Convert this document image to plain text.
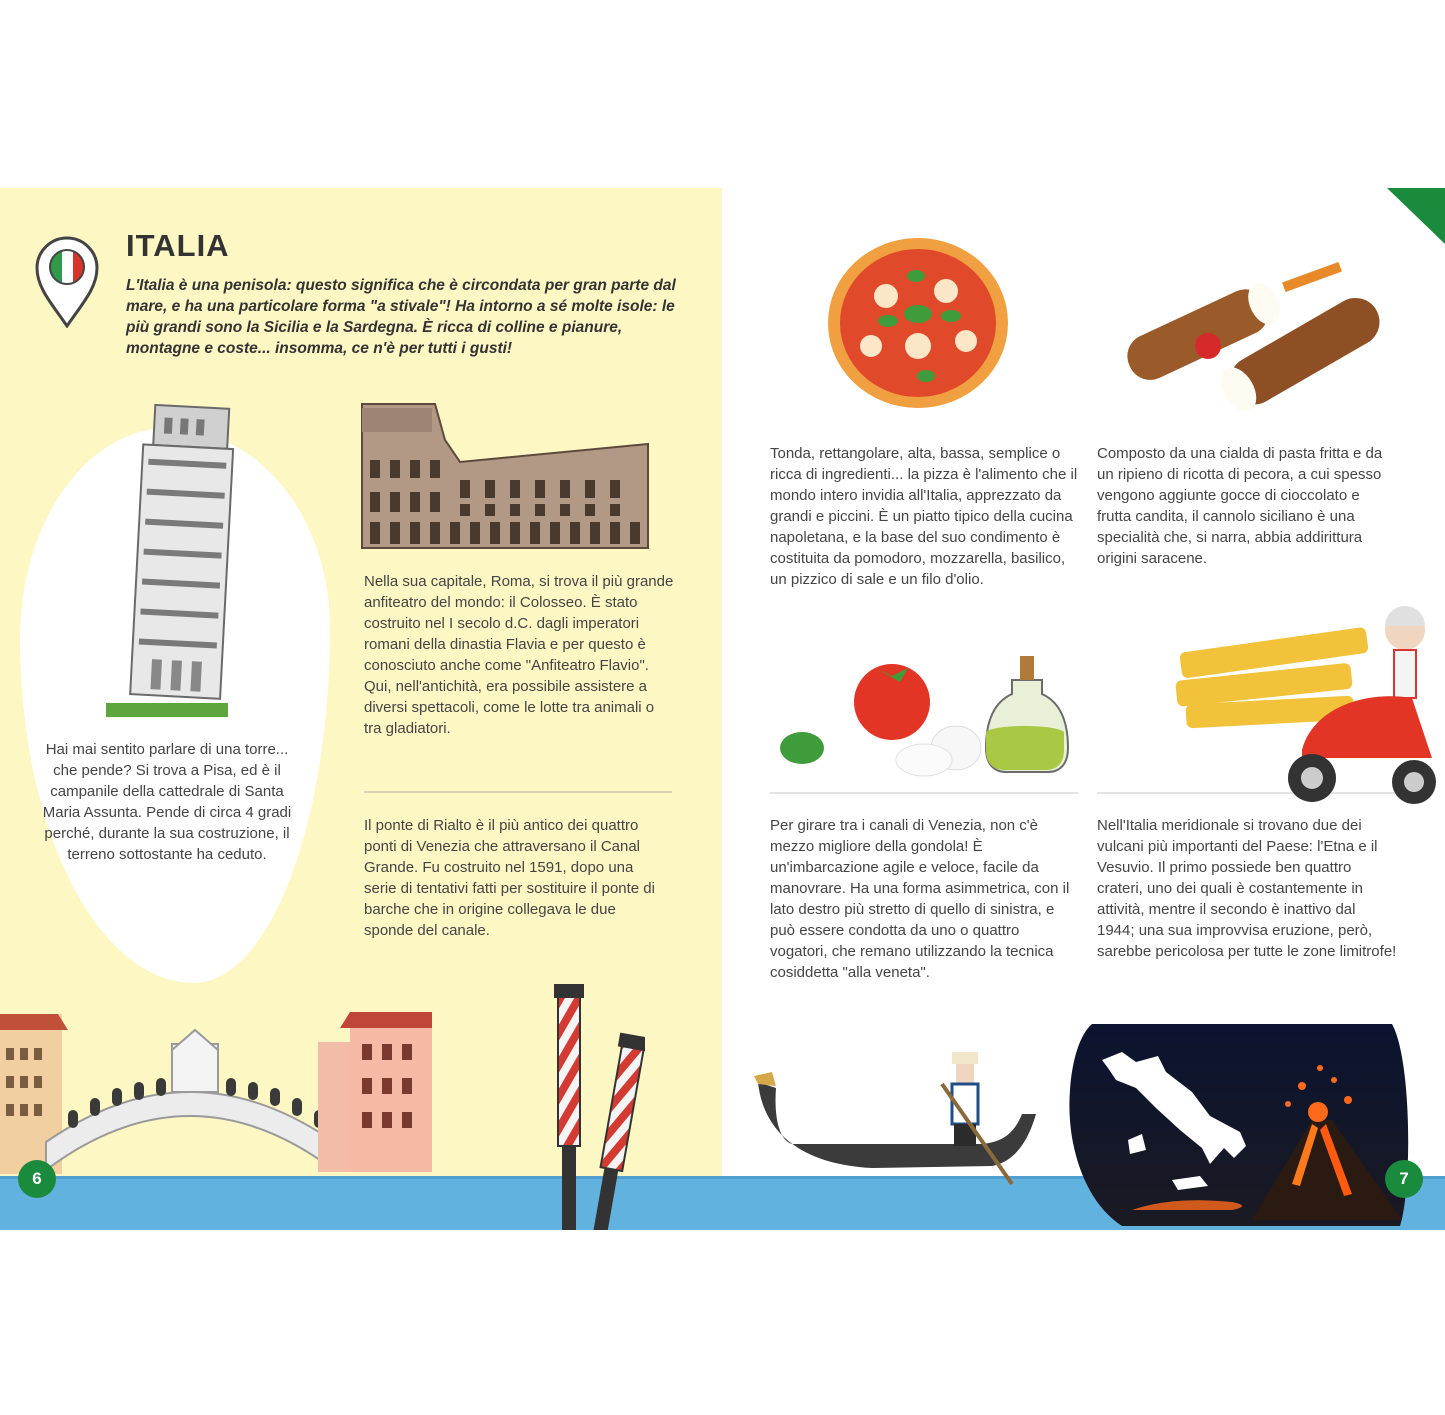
ITALIA
L'Italia è una penisola: questo significa che è circondata per gran parte dal mare, e ha una particolare forma "a stivale"! Ha intorno a sé molte isole: le più grandi sono la Sicilia e la Sardegna. È ricca di colline e pianure, montagne e coste... insomma, ce n'è per tutti i gusti!
Hai mai sentito parlare di una torre... che pende? Si trova a Pisa, ed è il campanile della cattedrale di Santa Maria Assunta. Pende di circa 4 gradi perché, durante la sua costruzione, il terreno sottostante ha ceduto.
Nella sua capitale, Roma, si trova il più grande anfiteatro del mondo: il Colosseo. È stato costruito nel I secolo d.C. dagli imperatori romani della dinastia Flavia e per questo è conosciuto anche come "Anfiteatro Flavio". Qui, nell'antichità, era possibile assistere a diversi spettacoli, come le lotte tra animali o tra gladiatori.
Il ponte di Rialto è il più antico dei quattro ponti di Venezia che attraversano il Canal Grande. Fu costruito nel 1591, dopo una serie di tentativi fatti per sostituire il ponte di barche che in origine collegava le due sponde del canale.
Tonda, rettangolare, alta, bassa, semplice o ricca di ingredienti... la pizza è l'alimento che il mondo intero invidia all'Italia, apprezzato da grandi e piccini. È un piatto tipico della cucina napoletana, e la base del suo condimento è costituita da pomodoro, mozzarella, basilico, un pizzico di sale e un filo d'olio.
Composto da una cialda di pasta fritta e da un ripieno di ricotta di pecora, a cui spesso vengono aggiunte gocce di cioccolato e frutta candita, il cannolo siciliano è una specialità che, si narra, abbia addirittura origini saracene.
Per girare tra i canali di Venezia, non c'è mezzo migliore della gondola! È un'imbarcazione agile e veloce, facile da manovrare. Ha una forma asimmetrica, con il lato destro più stretto di quello di sinistra, e può essere condotta da uno o quattro vogatori, che remano utilizzando la tecnica cosiddetta "alla veneta".
Nell'Italia meridionale si trovano due dei vulcani più importanti del Paese: l'Etna e il Vesuvio. Il primo possiede ben quattro crateri, uno dei quali è costantemente in attività, mentre il secondo è inattivo dal 1944; una sua improvvisa eruzione, però, sarebbe pericolosa per tutte le zone limitrofe!
6	7
